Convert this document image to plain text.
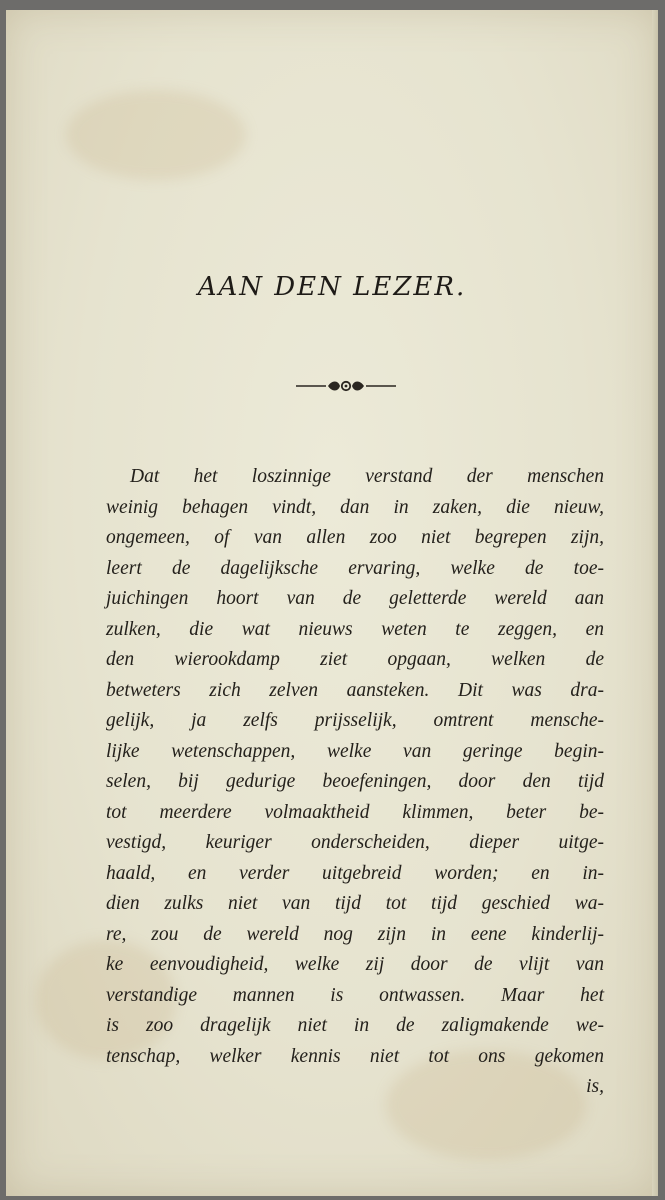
AAN DEN LEZER.
Dat het loszinnige verstand der menschen
weinig behagen vindt, dan in zaken, die nieuw,
ongemeen, of van allen zoo niet begrepen zijn,
leert de dagelijksche ervaring, welke de toe-
juichingen hoort van de geletterde wereld aan
zulken, die wat nieuws weten te zeggen, en
den wierookdamp ziet opgaan, welken de
betweters zich zelven aansteken. Dit was dra-
gelijk, ja zelfs prijsselijk, omtrent mensche-
lijke wetenschappen, welke van geringe begin-
selen, bij gedurige beoefeningen, door den tijd
tot meerdere volmaaktheid klimmen, beter be-
vestigd, keuriger onderscheiden, dieper uitge-
haald, en verder uitgebreid worden; en in-
dien zulks niet van tijd tot tijd geschied wa-
re, zou de wereld nog zijn in eene kinderlij-
ke eenvoudigheid, welke zij door de vlijt van
verstandige mannen is ontwassen. Maar het
is zoo dragelijk niet in de zaligmakende we-
tenschap, welker kennis niet tot ons gekomen
is,
